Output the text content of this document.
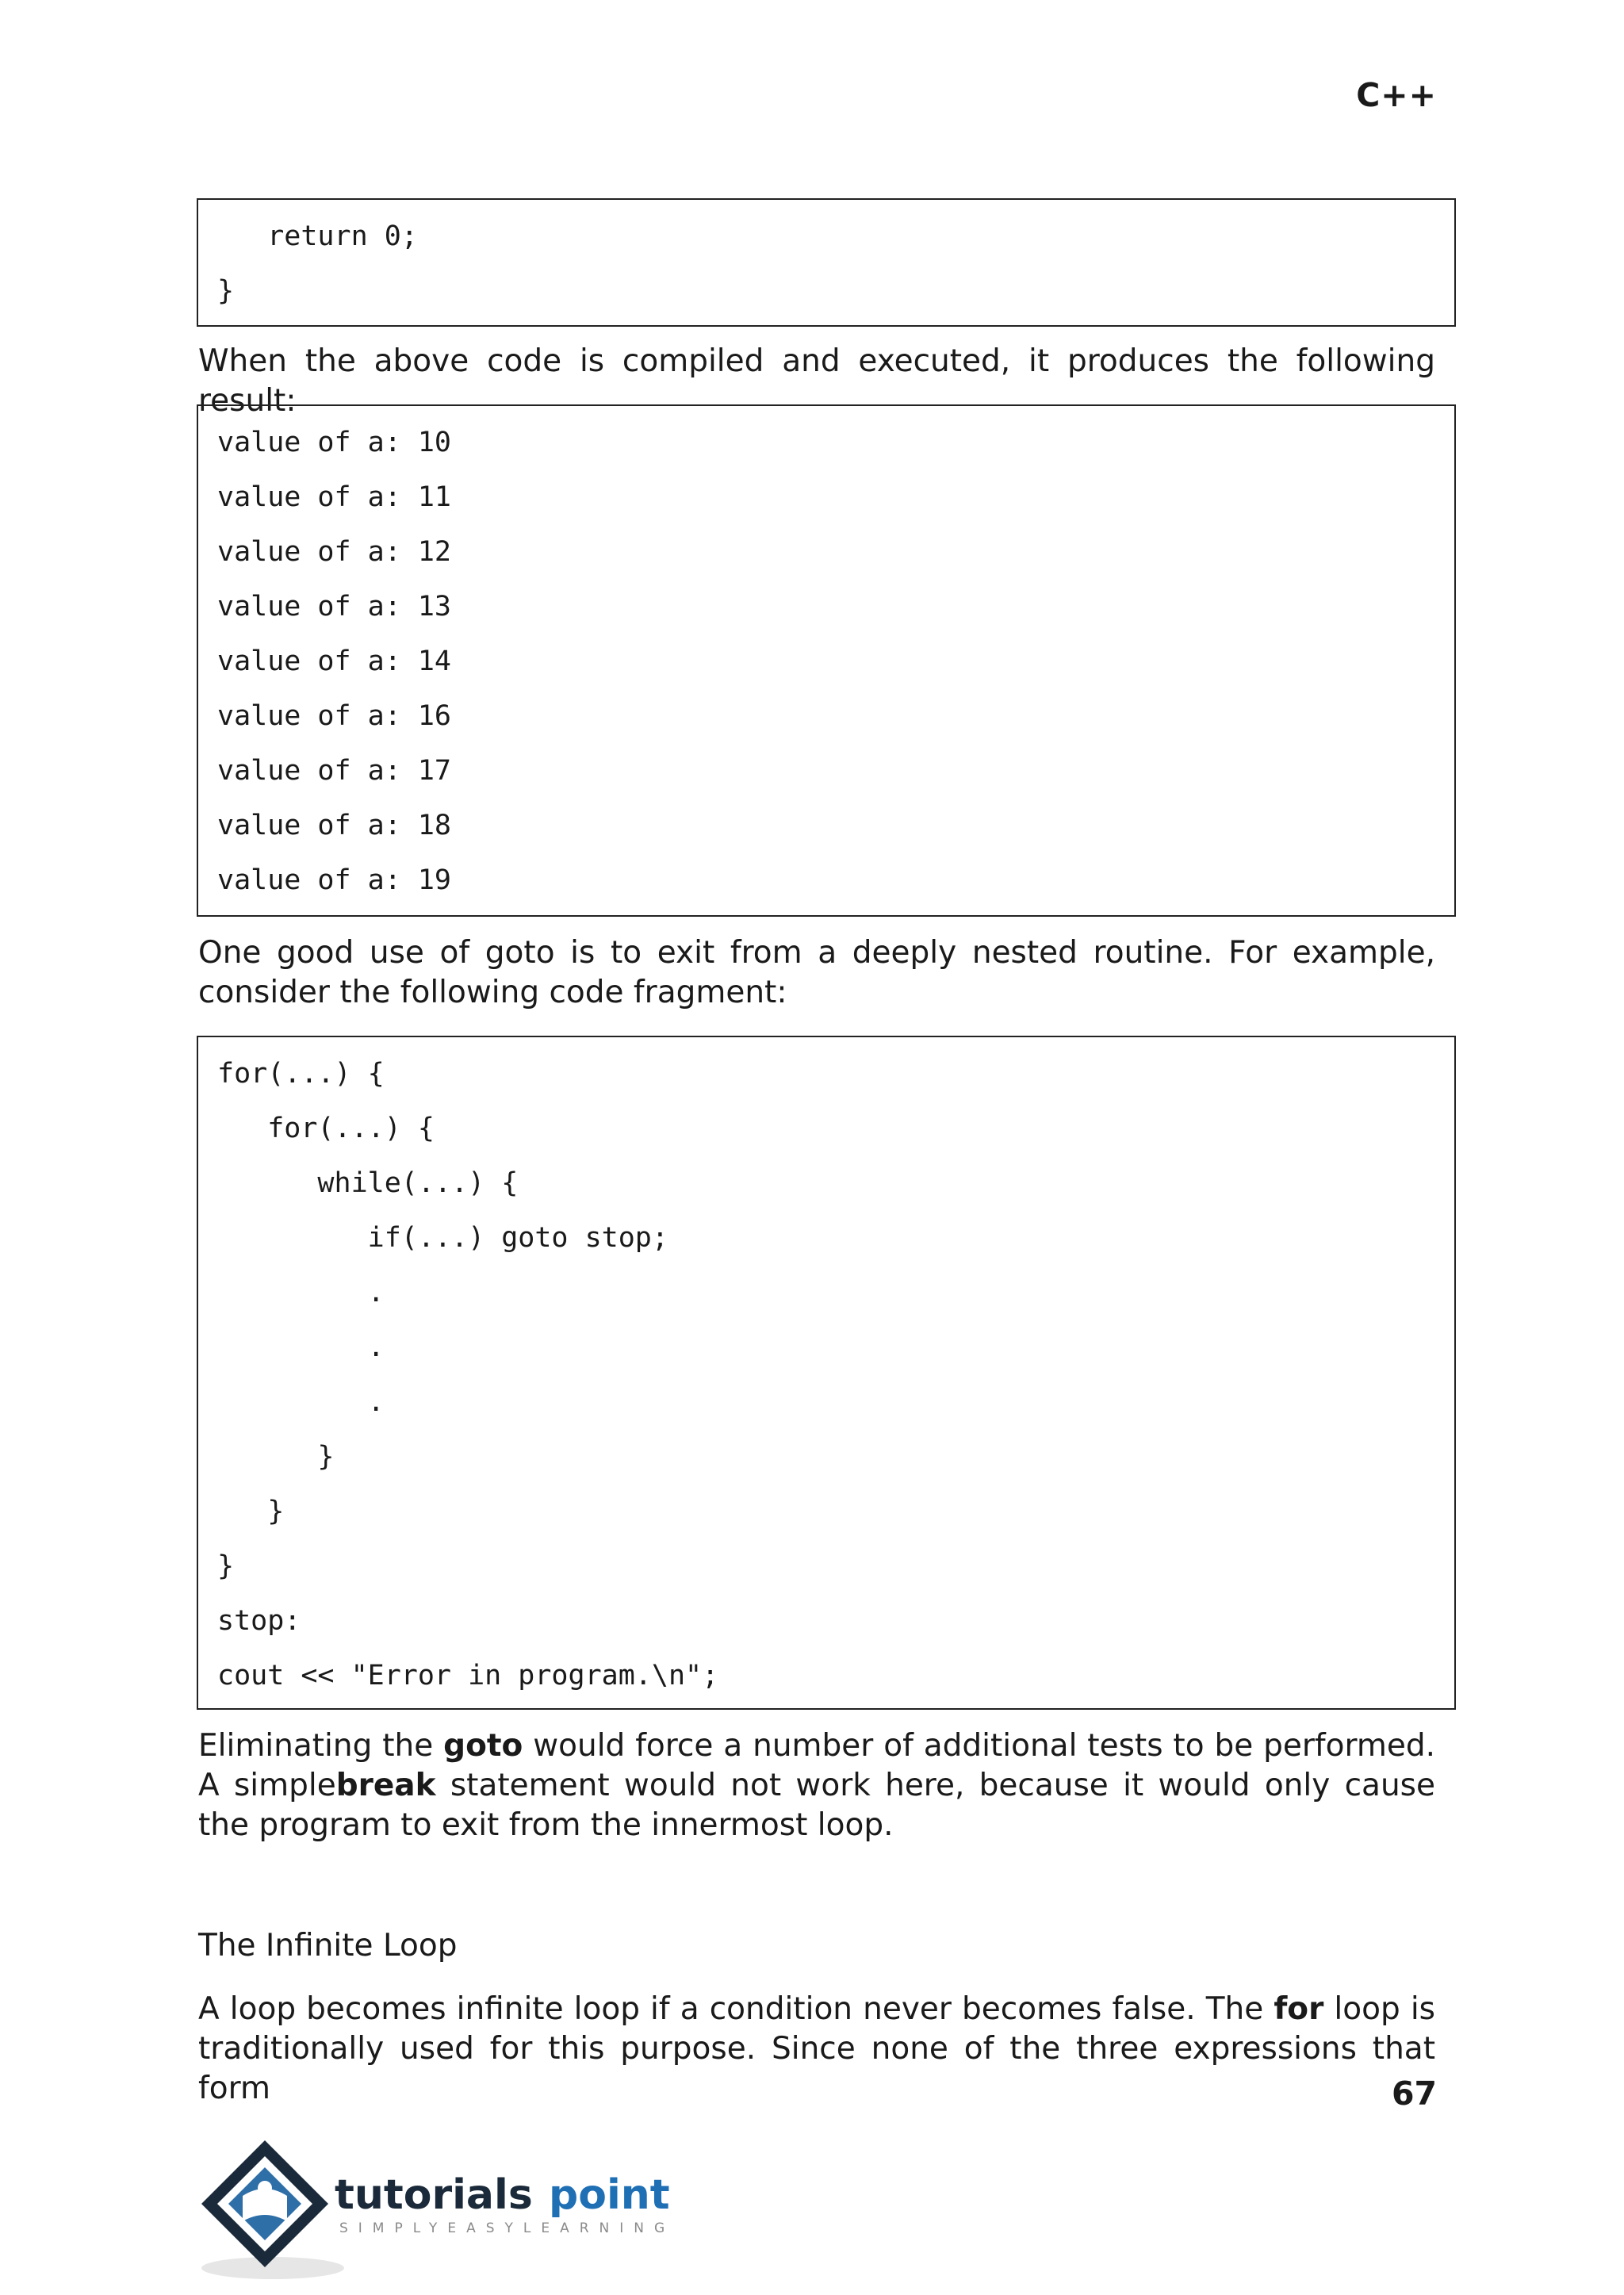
C++
return 0;
}
When the above code is compiled and executed, it produces the following result:
value of a: 10
value of a: 11
value of a: 12
value of a: 13
value of a: 14
value of a: 16
value of a: 17
value of a: 18
value of a: 19
One good use of goto is to exit from a deeply nested routine. For example, consider the following code fragment:
for(...) {
for(...) {
while(...) {
if(...) goto stop;
.
.
.
}
}
}
stop:
cout << "Error in program.\n";
Eliminating the goto would force a number of additional tests to be performed. A simplebreak statement would not work here, because it would only cause the program to exit from the innermost loop.
The Infinite Loop
A loop becomes infinite loop if a condition never becomes false. The for loop is traditionally used for this purpose. Since none of the three expressions that form	67
tutorials point
SIMPLYEASYLEARNING
